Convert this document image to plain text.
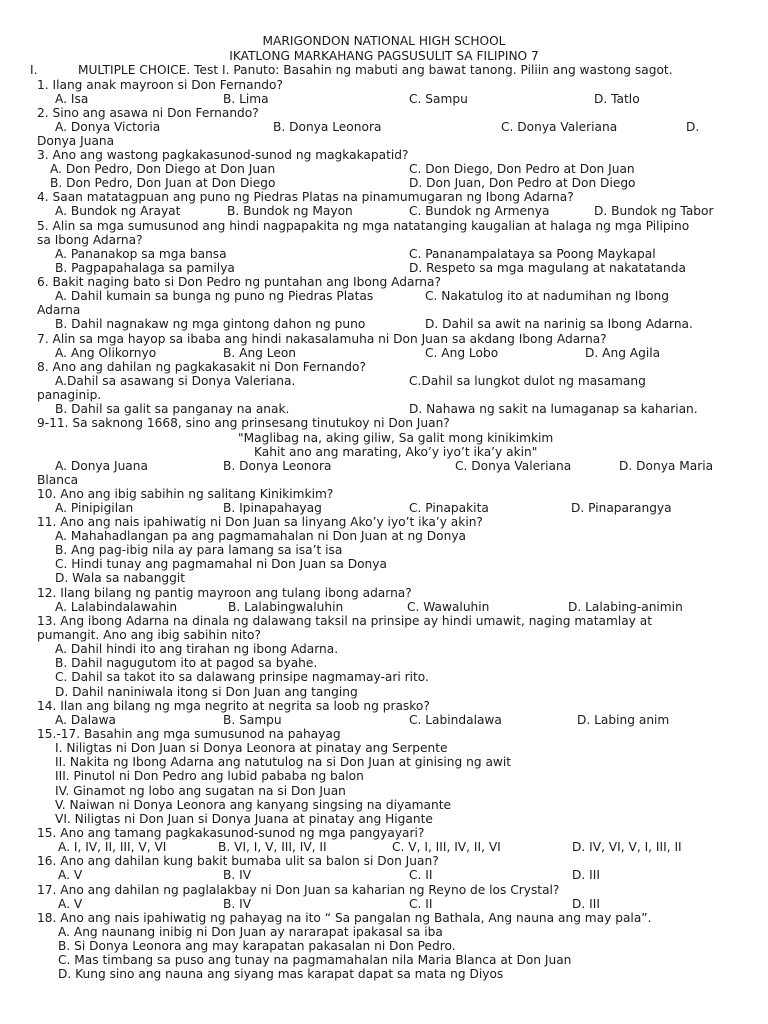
MARIGONDON NATIONAL HIGH SCHOOL
IKATLONG MARKAHANG PAGSUSULIT SA FILIPINO 7
I.	MULTIPLE CHOICE. Test I. Panuto: Basahin ng mabuti ang bawat tanong. Piliin ang wastong sagot.
1. Ilang anak mayroon si Don Fernando?
A. Isa	B. Lima	C. Sampu	D. Tatlo
2. Sino ang asawa ni Don Fernando?
A. Donya Victoria	B. Donya Leonora	C. Donya Valeriana	D.
Donya Juana
3. Ano ang wastong pagkakasunod-sunod ng magkakapatid?
A. Don Pedro, Don Diego at Don Juan	C. Don Diego, Don Pedro at Don Juan
B. Don Pedro, Don Juan at Don Diego	D. Don Juan, Don Pedro at Don Diego
4. Saan matatagpuan ang puno ng Piedras Platas na pinamumugaran ng Ibong Adarna?
A. Bundok ng Arayat	B. Bundok ng Mayon	C. Bundok ng Armenya	D. Bundok ng Tabor
5. Alin sa mga sumusunod ang hindi nagpapakita ng mga natatanging kaugalian at halaga ng mga Pilipino
sa Ibong Adarna?
A. Pananakop sa mga bansa	C. Pananampalataya sa Poong Maykapal
B. Pagpapahalaga sa pamilya	D. Respeto sa mga magulang at nakatatanda
6. Bakit naging bato si Don Pedro ng puntahan ang Ibong Adarna?
A. Dahil kumain sa bunga ng puno ng Piedras Platas	C. Nakatulog ito at nadumihan ng Ibong
Adarna
B. Dahil nagnakaw ng mga gintong dahon ng puno	D. Dahil sa awit na narinig sa Ibong Adarna.
7. Alin sa mga hayop sa ibaba ang hindi nakasalamuha ni Don Juan sa akdang Ibong Adarna?
A. Ang Olikornyo	B. Ang Leon	C. Ang Lobo	D. Ang Agila
8. Ano ang dahilan ng pagkakasakit ni Don Fernando?
A.Dahil sa asawang si Donya Valeriana.	C.Dahil sa lungkot dulot ng masamang
panaginip.
B. Dahil sa galit sa panganay na anak.	D. Nahawa ng sakit na lumaganap sa kaharian.
9-11. Sa saknong 1668, sino ang prinsesang tinutukoy ni Don Juan?
"Maglibag na, aking giliw, Sa galit mong kinikimkim
Kahit ano ang marating, Ako’y iyo’t ika’y akin"
A. Donya Juana	B. Donya Leonora	C. Donya Valeriana	D. Donya Maria
Blanca
10. Ano ang ibig sabihin ng salitang Kinikimkim?
A. Pinipigilan	B. Ipinapahayag	C. Pinapakita	D. Pinaparangya
11. Ano ang nais ipahiwatig ni Don Juan sa linyang Ako’y iyo’t ika’y akin?
A. Mahahadlangan pa ang pagmamahalan ni Don Juan at ng Donya
B. Ang pag-ibig nila ay para lamang sa isa’t isa
C. Hindi tunay ang pagmamahal ni Don Juan sa Donya
D. Wala sa nabanggit
12. Ilang bilang ng pantig mayroon ang tulang ibong adarna?
A. Lalabindalawahin	B. Lalabingwaluhin	C. Wawaluhin	D. Lalabing-animin
13. Ang ibong Adarna na dinala ng dalawang taksil na prinsipe ay hindi umawit, naging matamlay at
pumangit. Ano ang ibig sabihin nito?
A. Dahil hindi ito ang tirahan ng ibong Adarna.
B. Dahil nagugutom ito at pagod sa byahe.
C. Dahil sa takot ito sa dalawang prinsipe nagmamay-ari rito.
D. Dahil naniniwala itong si Don Juan ang tanging
14. Ilan ang bilang ng mga negrito at negrita sa loob ng prasko?
A. Dalawa	B. Sampu	C. Labindalawa	D. Labing anim
15.-17. Basahin ang mga sumusunod na pahayag
I. Niligtas ni Don Juan si Donya Leonora at pinatay ang Serpente
II. Nakita ng Ibong Adarna ang natutulog na si Don Juan at ginising ng awit
III. Pinutol ni Don Pedro ang lubid pababa ng balon
IV. Ginamot ng lobo ang sugatan na si Don Juan
V. Naiwan ni Donya Leonora ang kanyang singsing na diyamante
VI. Niligtas ni Don Juan si Donya Juana at pinatay ang Higante
15. Ano ang tamang pagkakasunod-sunod ng mga pangyayari?
A. I, IV, II, III, V, VI	B. VI, I, V, III, IV, II	C. V, I, III, IV, II, VI	D. IV, VI, V, I, III, II
16. Ano ang dahilan kung bakit bumaba ulit sa balon si Don Juan?
A. V	B. IV	C. II	D. III
17. Ano ang dahilan ng paglalakbay ni Don Juan sa kaharian ng Reyno de los Crystal?
A. V	B. IV	C. II	D. III
18. Ano ang nais ipahiwatig ng pahayag na ito “ Sa pangalan ng Bathala, Ang nauna ang may pala”.
A. Ang naunang inibig ni Don Juan ay nararapat ipakasal sa iba
B. Si Donya Leonora ang may karapatan pakasalan ni Don Pedro.
C. Mas timbang sa puso ang tunay na pagmamahalan nila Maria Blanca at Don Juan
D. Kung sino ang nauna ang siyang mas karapat dapat sa mata ng Diyos
